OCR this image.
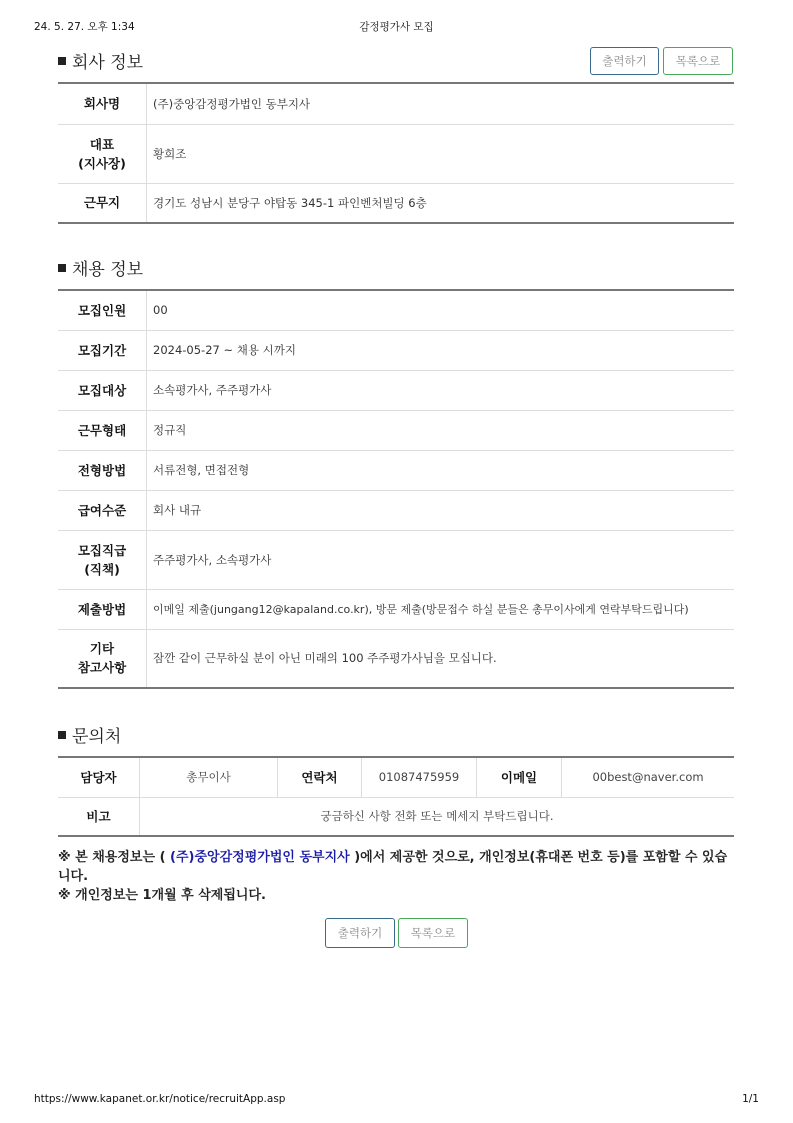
24. 5. 27. 오후 1:34	감정평가사 모집
회사 정보	출력하기	목록으로
회사명	(주)중앙감정평가법인 동부지사
대표
(지사장)	황희조
근무지	경기도 성남시 분당구 야탑동 345-1 파인벤처빌딩 6층
채용 정보
모집인원	00
모집기간	2024-05-27 ~ 채용 시까지
모집대상	소속평가사, 주주평가사
근무형태	정규직
전형방법	서류전형, 면접전형
급여수준	회사 내규
모집직급
(직책)	주주평가사, 소속평가사
제출방법	이메일 제출(jungang12@kapaland.co.kr), 방문 제출(방문접수 하실 분들은 총무이사에게 연락부탁드립니다)
기타
참고사항	잠깐 같이 근무하실 분이 아닌 미래의 100 주주평가사님을 모십니다.
문의처
담당자	총무이사	연락처	01087475959	이메일	00best@naver.com
비고	궁금하신 사항 전화 또는 메세지 부탁드립니다.				
※ 본 채용정보는 ( (주)중앙감정평가법인 동부지사 )에서 제공한 것으로, 개인정보(휴대폰 번호 등)를 포함할 수 있습니다.
※ 개인정보는 1개월 후 삭제됩니다.
출력하기	목록으로
https://www.kapanet.or.kr/notice/recruitApp.asp	1/1
